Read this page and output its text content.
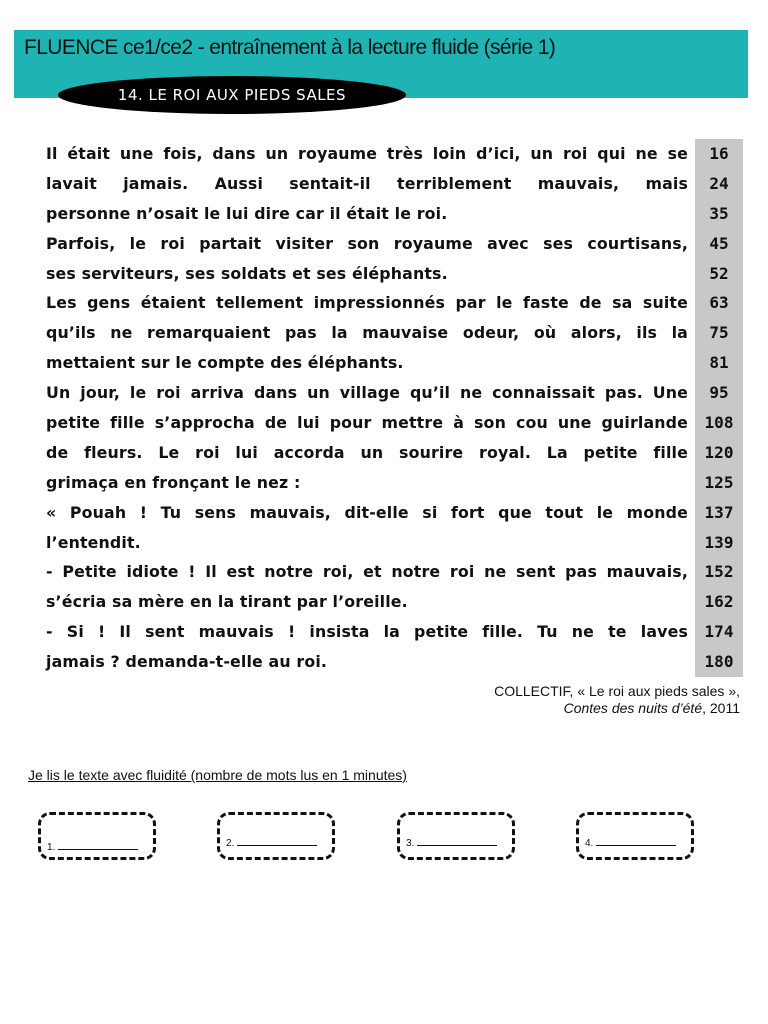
FLUENCE ce1/ce2 - entraînement à la lecture fluide (série 1)
14. LE ROI AUX PIEDS SALES
Il était une fois, dans un royaume très loin d’ici, un roi qui ne se	16
lavait jamais. Aussi sentait-il terriblement mauvais, mais	24
personne n’osait le lui dire car il était le roi.	35
Parfois, le roi partait visiter son royaume avec ses courtisans,	45
ses serviteurs, ses soldats et ses éléphants.	52
Les gens étaient tellement impressionnés par le faste de sa suite	63
qu’ils ne remarquaient pas la mauvaise odeur, où alors, ils la	75
mettaient sur le compte des éléphants.	81
Un jour, le roi arriva dans un village qu’il ne connaissait pas. Une	95
petite fille s’approcha de lui pour mettre à son cou une guirlande	108
de fleurs. Le roi lui accorda un sourire royal. La petite fille	120
grimaça en fronçant le nez :	125
« Pouah ! Tu sens mauvais, dit-elle si fort que tout le monde	137
l’entendit.	139
- Petite idiote ! Il est notre roi, et notre roi ne sent pas mauvais,	152
s’écria sa mère en la tirant par l’oreille.	162
- Si ! Il sent mauvais ! insista la petite fille. Tu ne te laves	174
jamais ? demanda-t-elle au roi.	180
COLLECTIF, « Le roi aux pieds sales »,
Contes des nuits d’été, 2011
Je lis le texte avec fluidité (nombre de mots lus en 1 minutes)
1.	2.	3.	4.
